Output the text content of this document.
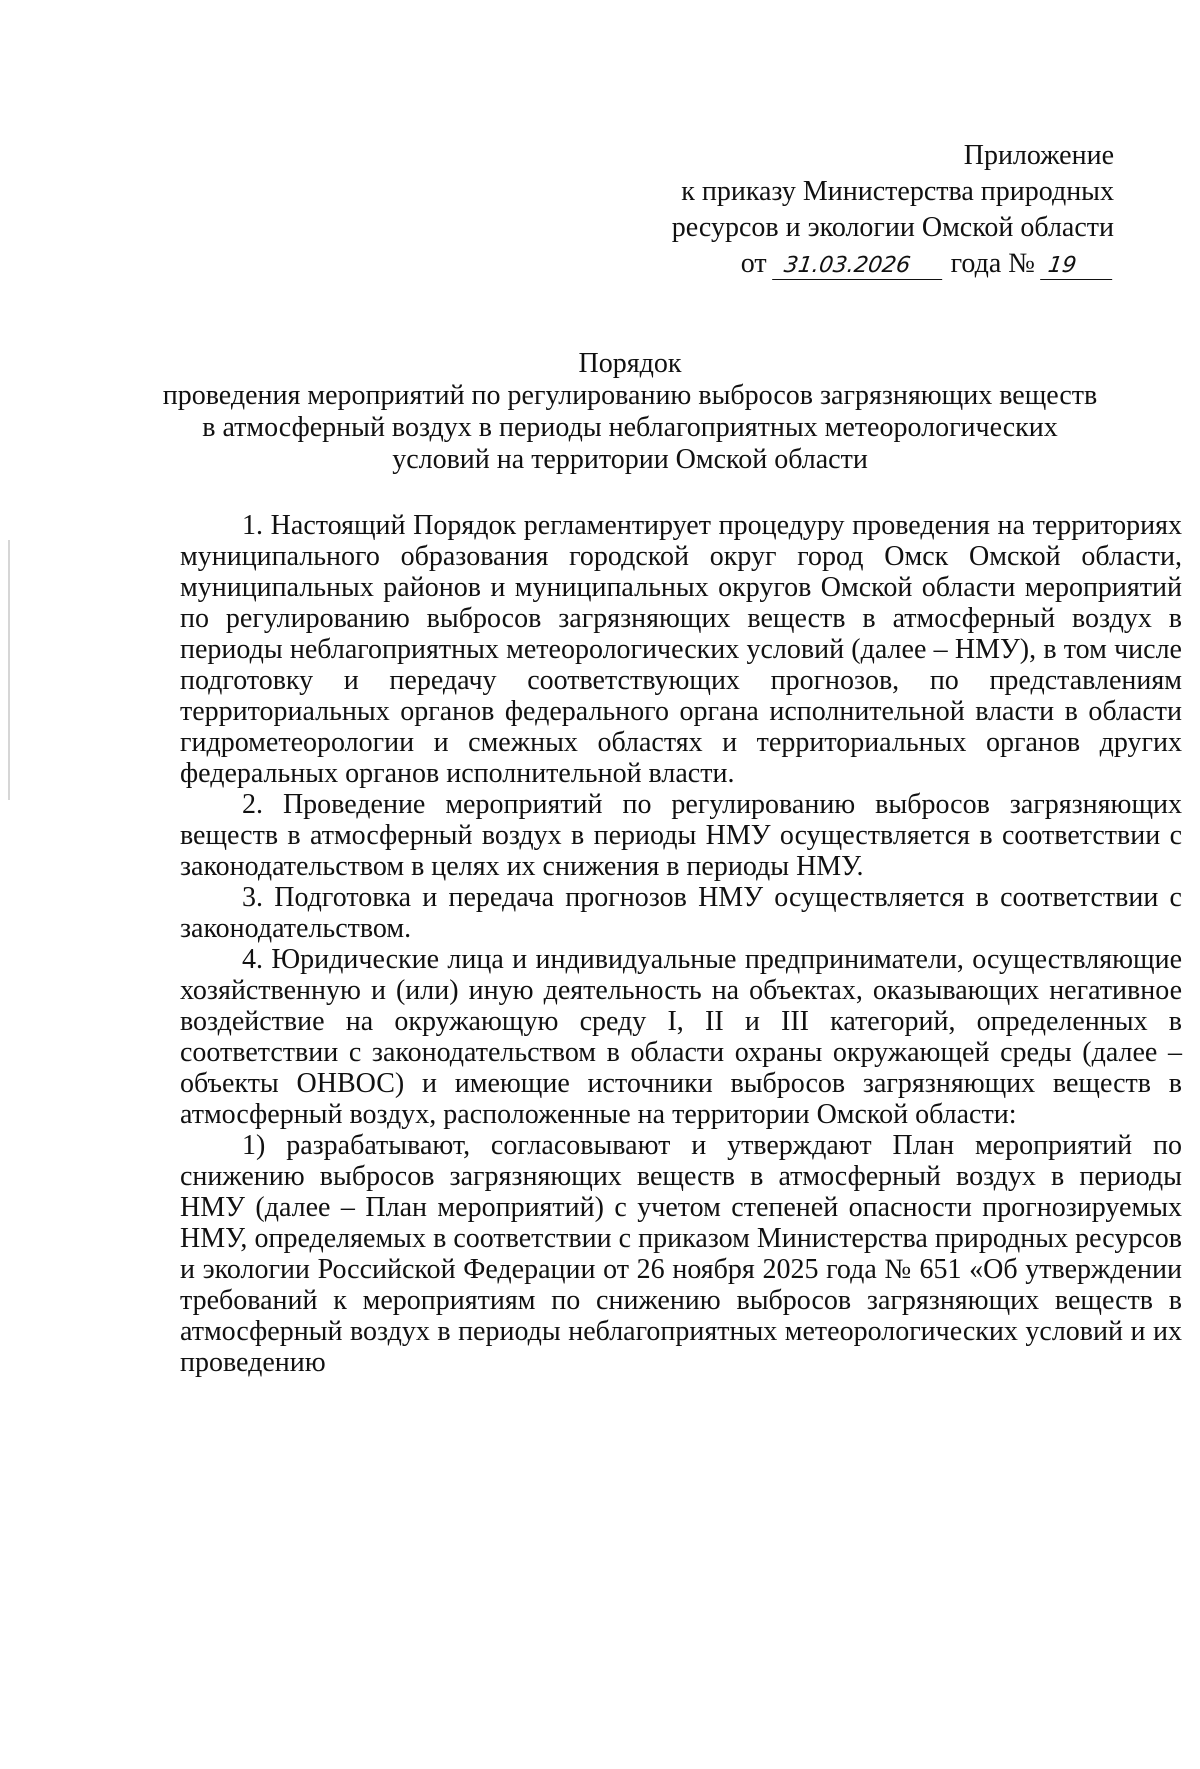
Приложение
к приказу Министерства природных
ресурсов и экологии Омской области
от 31.03.2026 года № 19
Порядок
проведения мероприятий по регулированию выбросов загрязняющих веществ
в атмосферный воздух в периоды неблагоприятных метеорологических
условий на территории Омской области

1. Настоящий Порядок регламентирует процедуру проведения на территориях муниципального образования городской округ город Омск Омской области, муниципальных районов и муниципальных округов Омской области мероприятий по регулированию выбросов загрязняющих веществ в атмосферный воздух в периоды неблагоприятных метеорологических условий (далее – НМУ), в том числе подготовку и передачу соответствующих прогнозов, по представлениям территориальных органов федерального органа исполнительной власти в области гидрометеорологии и смежных областях и территориальных органов других федеральных органов исполнительной власти.

2. Проведение мероприятий по регулированию выбросов загрязняющих веществ в атмосферный воздух в периоды НМУ осуществляется в соответствии с законодательством в целях их снижения в периоды НМУ.

3. Подготовка и передача прогнозов НМУ осуществляется в соответствии с законодательством.

4. Юридические лица и индивидуальные предприниматели, осуществляющие хозяйственную и (или) иную деятельность на объектах, оказывающих негативное воздействие на окружающую среду I, II и III категорий, определенных в соответствии с законодательством в области охраны окружающей среды (далее – объекты ОНВОС) и имеющие источники выбросов загрязняющих веществ в атмосферный воздух, расположенные на территории Омской области:

1) разрабатывают, согласовывают и утверждают План мероприятий по снижению выбросов загрязняющих веществ в атмосферный воздух в периоды НМУ (далее – План мероприятий) с учетом степеней опасности прогнозируемых НМУ, определяемых в соответствии с приказом Министерства природных ресурсов и экологии Российской Федерации от 26 ноября 2025 года № 651 «Об утверждении требований к мероприятиям по снижению выбросов загрязняющих веществ в атмосферный воздух в периоды неблагоприятных метеорологических условий и их проведению
